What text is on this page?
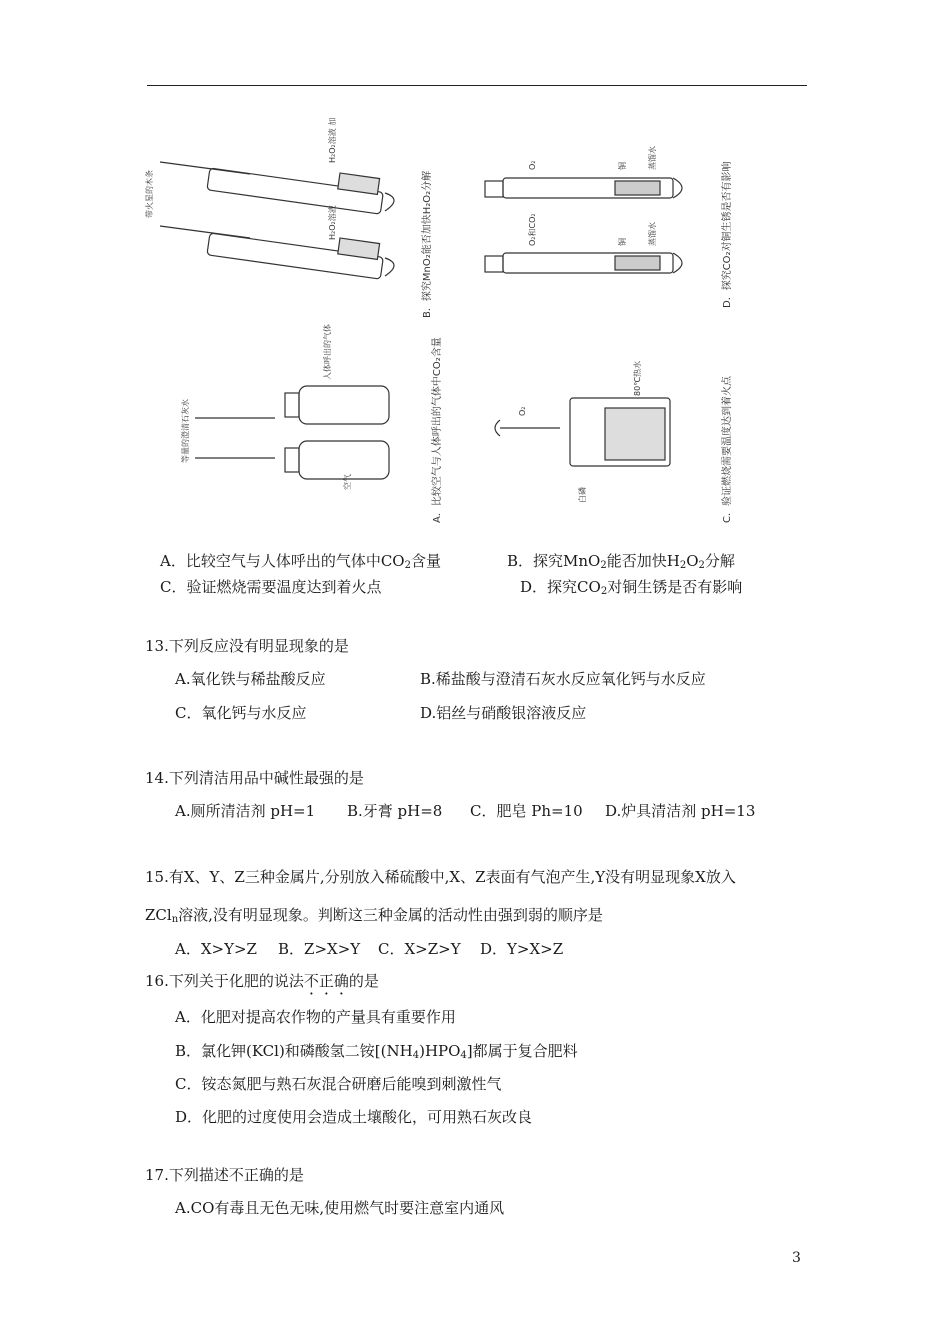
B．探究MnO₂能否加快H₂O₂分解	D．探究CO₂对铜生锈是否有影响
A．比较空气与人体呼出的气体中CO₂含量	C．验证燃烧需要温度达到着火点
H₂O₂溶液 加MnO₂
H₂O₂溶液
带火星的木条
人体呼出的气体
空气
等量的澄清石灰水
O₂
O₂和CO₂
铜
铜
蒸馏水
蒸馏水
O₂
80℃热水
白磷
A．比较空气与人体呼出的气体中$CO_2$含量	B．探究MnO$_2$能否加快$H_2O_2$分解
C．验证燃烧需要温度达到着火点	D．探究$CO_2$对铜生锈是否有影响
13.下列反应没有明显现象的是
A.氧化铁与稀盐酸反应	B.稀盐酸与澄清石灰水反应氧化钙与水反应
C．氧化钙与水反应	D.铝丝与硝酸银溶液反应
14.下列清洁用品中碱性最强的是
A.厕所清洁剂 pH=1 B.牙膏 pH=8 C．肥皂 Ph=10 D.炉具清洁剂 pH=13
15.有X、Y、Z三种金属片,分别放入稀硫酸中,X、Z表面有气泡产生,Y没有明显现象X放入
ZCl$_n$溶液,没有明显现象。判断这三种金属的活动性由强到弱的顺序是
A．X>Y>Z B．Z>X>Y C．X>Z>Y D．Y>X>Z
16.下列关于化肥的说法不正确的是
A．化肥对提高农作物的产量具有重要作用
B．氯化钾(KCl)和磷酸氢二铵$[(NH_4)HPO_4]$都属于复合肥料
C．铵态氮肥与熟石灰混合研磨后能嗅到刺激性气
D．化肥的过度使用会造成土壤酸化，可用熟石灰改良
17.下列描述不正确的是
A.CO有毒且无色无味,使用燃气时要注意室内通风
3
